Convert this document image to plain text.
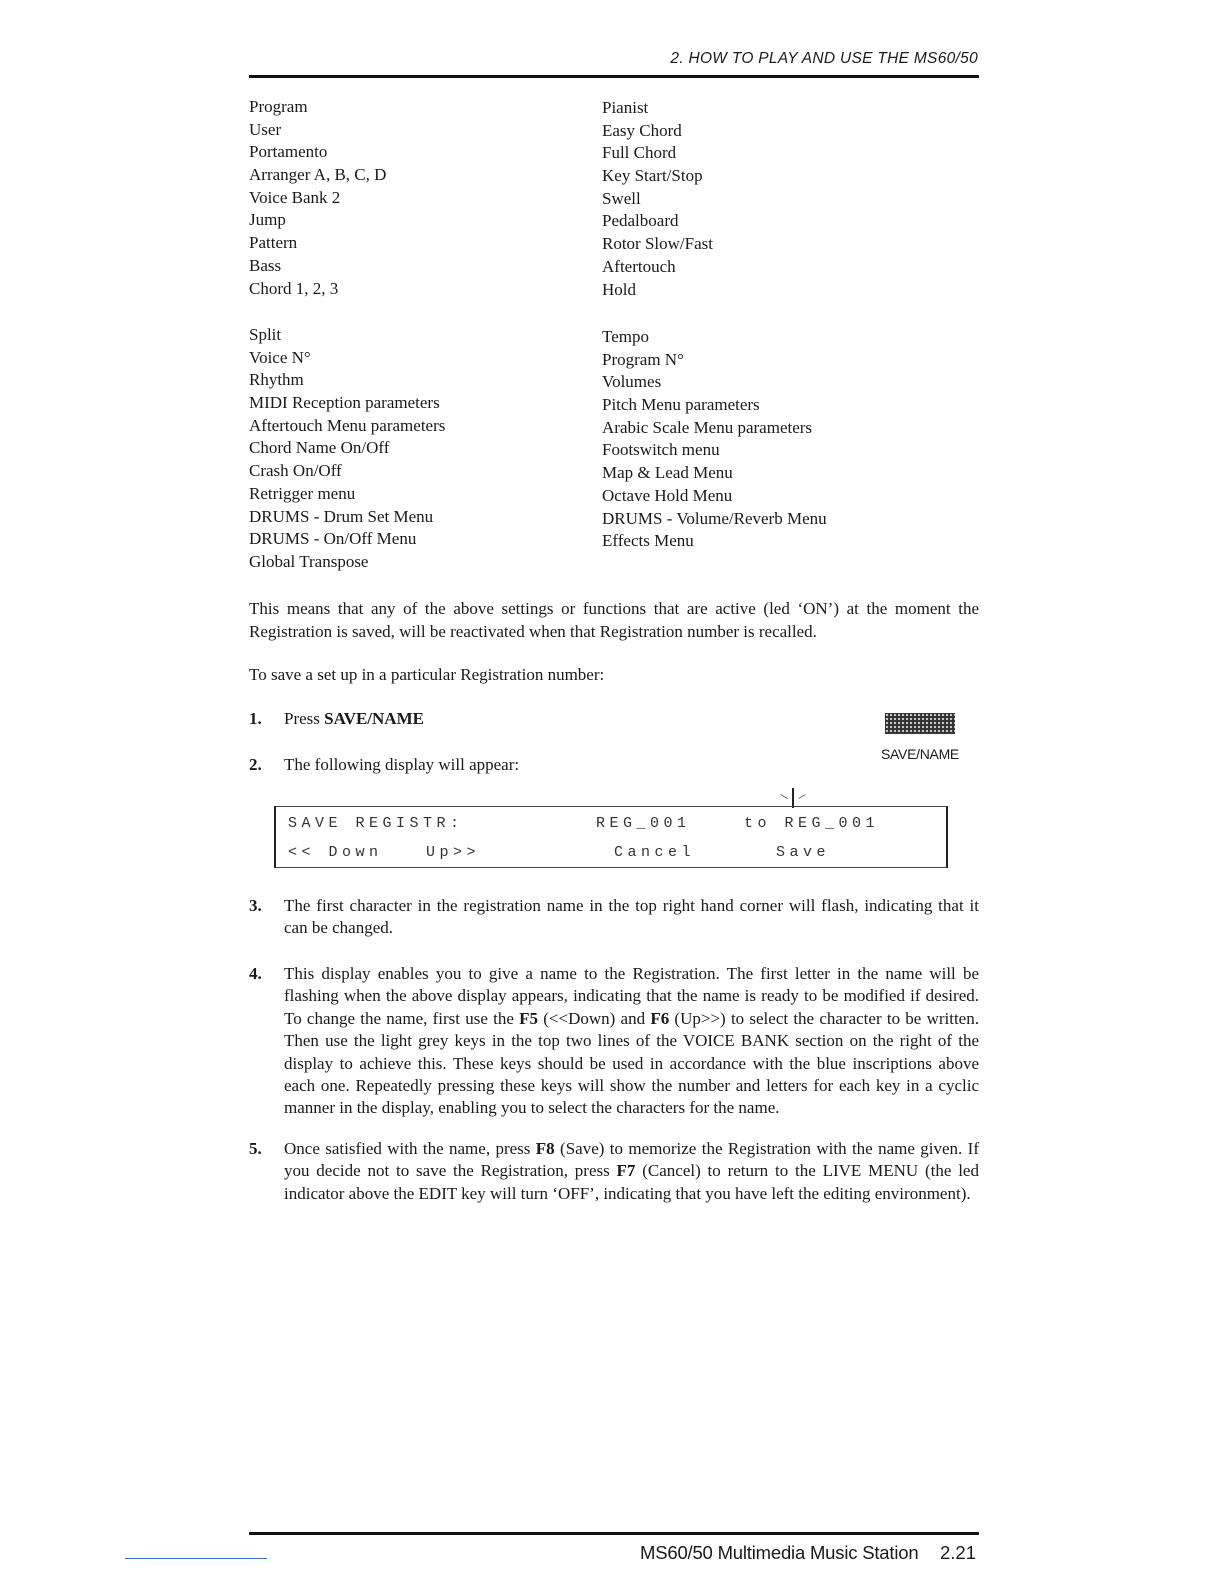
2. HOW TO PLAY AND USE THE MS60/50
Program
User
Portamento
Arranger A, B, C, D
Voice Bank 2
Jump
Pattern
Bass
Chord 1, 2, 3
Pianist
Easy Chord
Full Chord
Key Start/Stop
Swell
Pedalboard
Rotor Slow/Fast
Aftertouch
Hold
Split
Voice N°
Rhythm
MIDI Reception parameters
Aftertouch Menu parameters
Chord Name On/Off
Crash On/Off
Retrigger menu
DRUMS - Drum Set Menu
DRUMS - On/Off Menu
Global Transpose
Tempo
Program N°
Volumes
Pitch Menu parameters
Arabic Scale Menu parameters
Footswitch menu
Map & Lead Menu
Octave Hold Menu
DRUMS - Volume/Reverb Menu
Effects Menu
This means that any of the above settings or functions that are active (led ‘ON’) at the moment the Registration is saved, will be reactivated when that Registration number is recalled.
To save a set up in a particular Registration number:
1. Press SAVE/NAME
SAVE/NAME
2. The following display will appear:
SAVE REGISTR:	REG_001	to REG_001
<< Down	Up>>	Cancel	Save
3. The first character in the registration name in the top right hand corner will flash, indicating that it can be changed.
4. This display enables you to give a name to the Registration. The first letter in the name will be flashing when the above display appears, indicating that the name is ready to be modified if desired. To change the name, first use the F5 (<<Down) and F6 (Up>>) to select the character to be written. Then use the light grey keys in the top two lines of the VOICE BANK section on the right of the display to achieve this. These keys should be used in accordance with the blue inscriptions above each one. Repeatedly pressing these keys will show the number and letters for each key in a cyclic manner in the display, enabling you to select the characters for the name.
5. Once satisfied with the name, press F8 (Save) to memorize the Registration with the name given. If you decide not to save the Registration, press F7 (Cancel) to return to the LIVE MENU (the led indicator above the EDIT key will turn ‘OFF’, indicating that you have left the editing environment).
MS60/50 Multimedia Music Station 2.21
